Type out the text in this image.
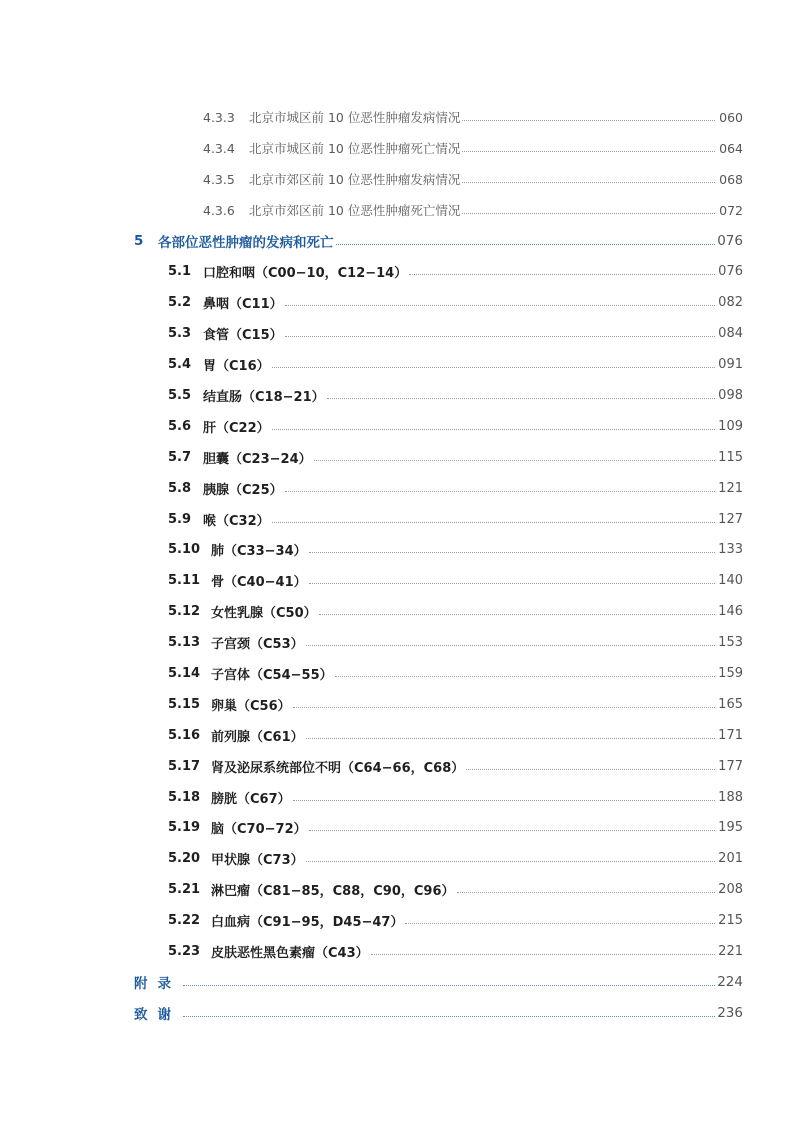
4.3.3	北京市城区前 10 位恶性肿瘤发病情况	060
4.3.4	北京市城区前 10 位恶性肿瘤死亡情况	064
4.3.5	北京市郊区前 10 位恶性肿瘤发病情况	068
4.3.6	北京市郊区前 10 位恶性肿瘤死亡情况	072
5	各部位恶性肿瘤的发病和死亡	076
5.1 口腔和咽（C00−10，C12−14）	076
5.2 鼻咽（C11）	082
5.3 食管（C15）	084
5.4 胃（C16）	091
5.5 结直肠（C18−21）	098
5.6 肝（C22）	109
5.7 胆囊（C23−24）	115
5.8 胰腺（C25）	121
5.9 喉（C32）	127
5.10 肺（C33−34）	133
5.11 骨（C40−41）	140
5.12 女性乳腺（C50）	146
5.13 子宫颈（C53）	153
5.14 子宫体（C54−55）	159
5.15 卵巢（C56）	165
5.16 前列腺（C61）	171
5.17 肾及泌尿系统部位不明（C64−66，C68）	177
5.18 膀胱（C67）	188
5.19 脑（C70−72）	195
5.20 甲状腺（C73）	201
5.21 淋巴瘤（C81−85，C88，C90，C96）	208
5.22 白血病（C91−95，D45−47）	215
5.23 皮肤恶性黑色素瘤（C43）	221
附录	224
致谢	236
